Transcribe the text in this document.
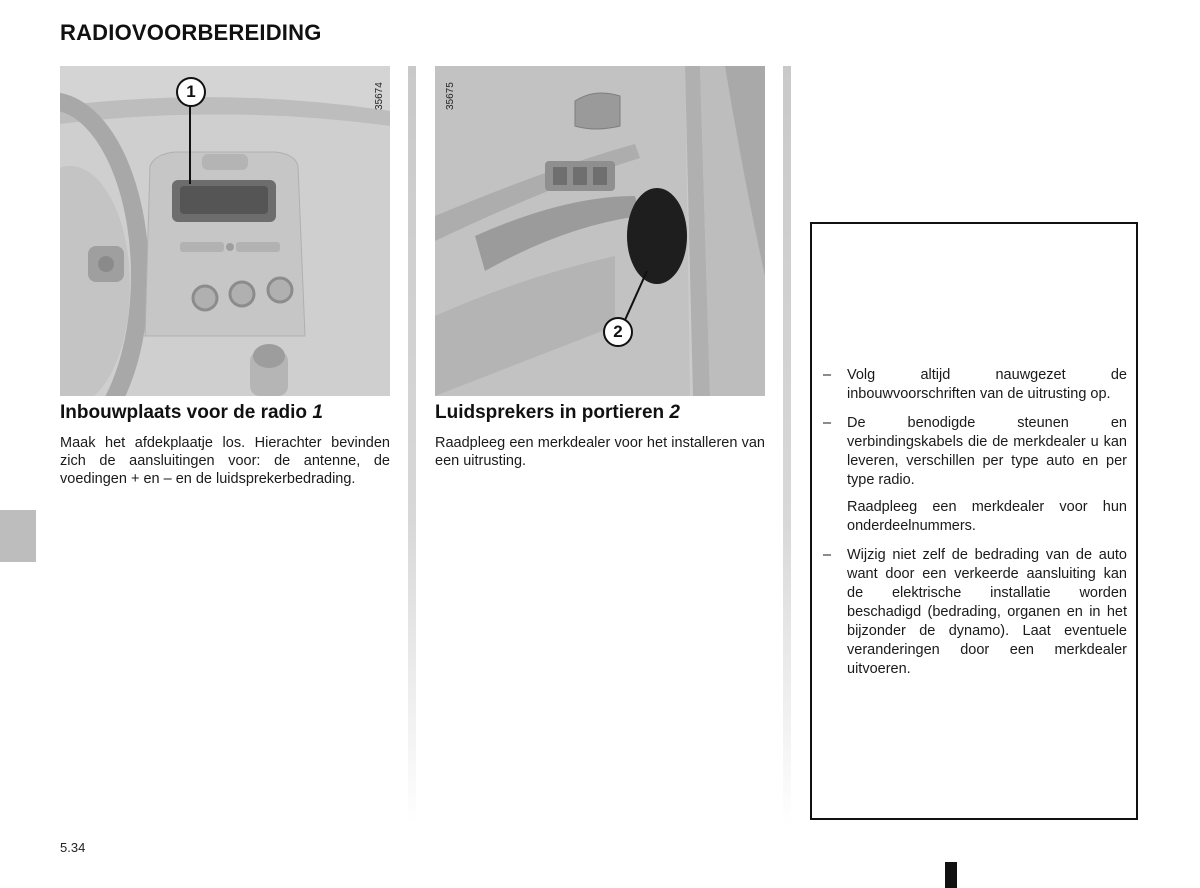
RADIOVOORBEREIDING
1	35674
2
35675
Inbouwplaats voor de radio 1	Luidsprekers in portieren 2

Maak het afdekplaatje los. Hierachter bevinden zich de aansluitingen voor: de antenne, de voedingen + en – en de luidsprekerbedrading.

Raadpleeg een merkdealer voor het installeren van een uitrusting.

– Volg altijd nauwgezet de inbouwvoorschriften van de uitrusting op.
– De benodigde steunen en verbindingskabels die de merkdealer u kan leveren, verschillen per type auto en per type radio.
Raadpleeg een merkdealer voor hun onderdeelnummers.
– Wijzig niet zelf de bedrading van de auto want door een verkeerde aansluiting kan de elektrische installatie worden beschadigd (bedrading, organen en in het bijzonder de dynamo). Laat eventuele veranderingen door een merkdealer uitvoeren.
5.34
